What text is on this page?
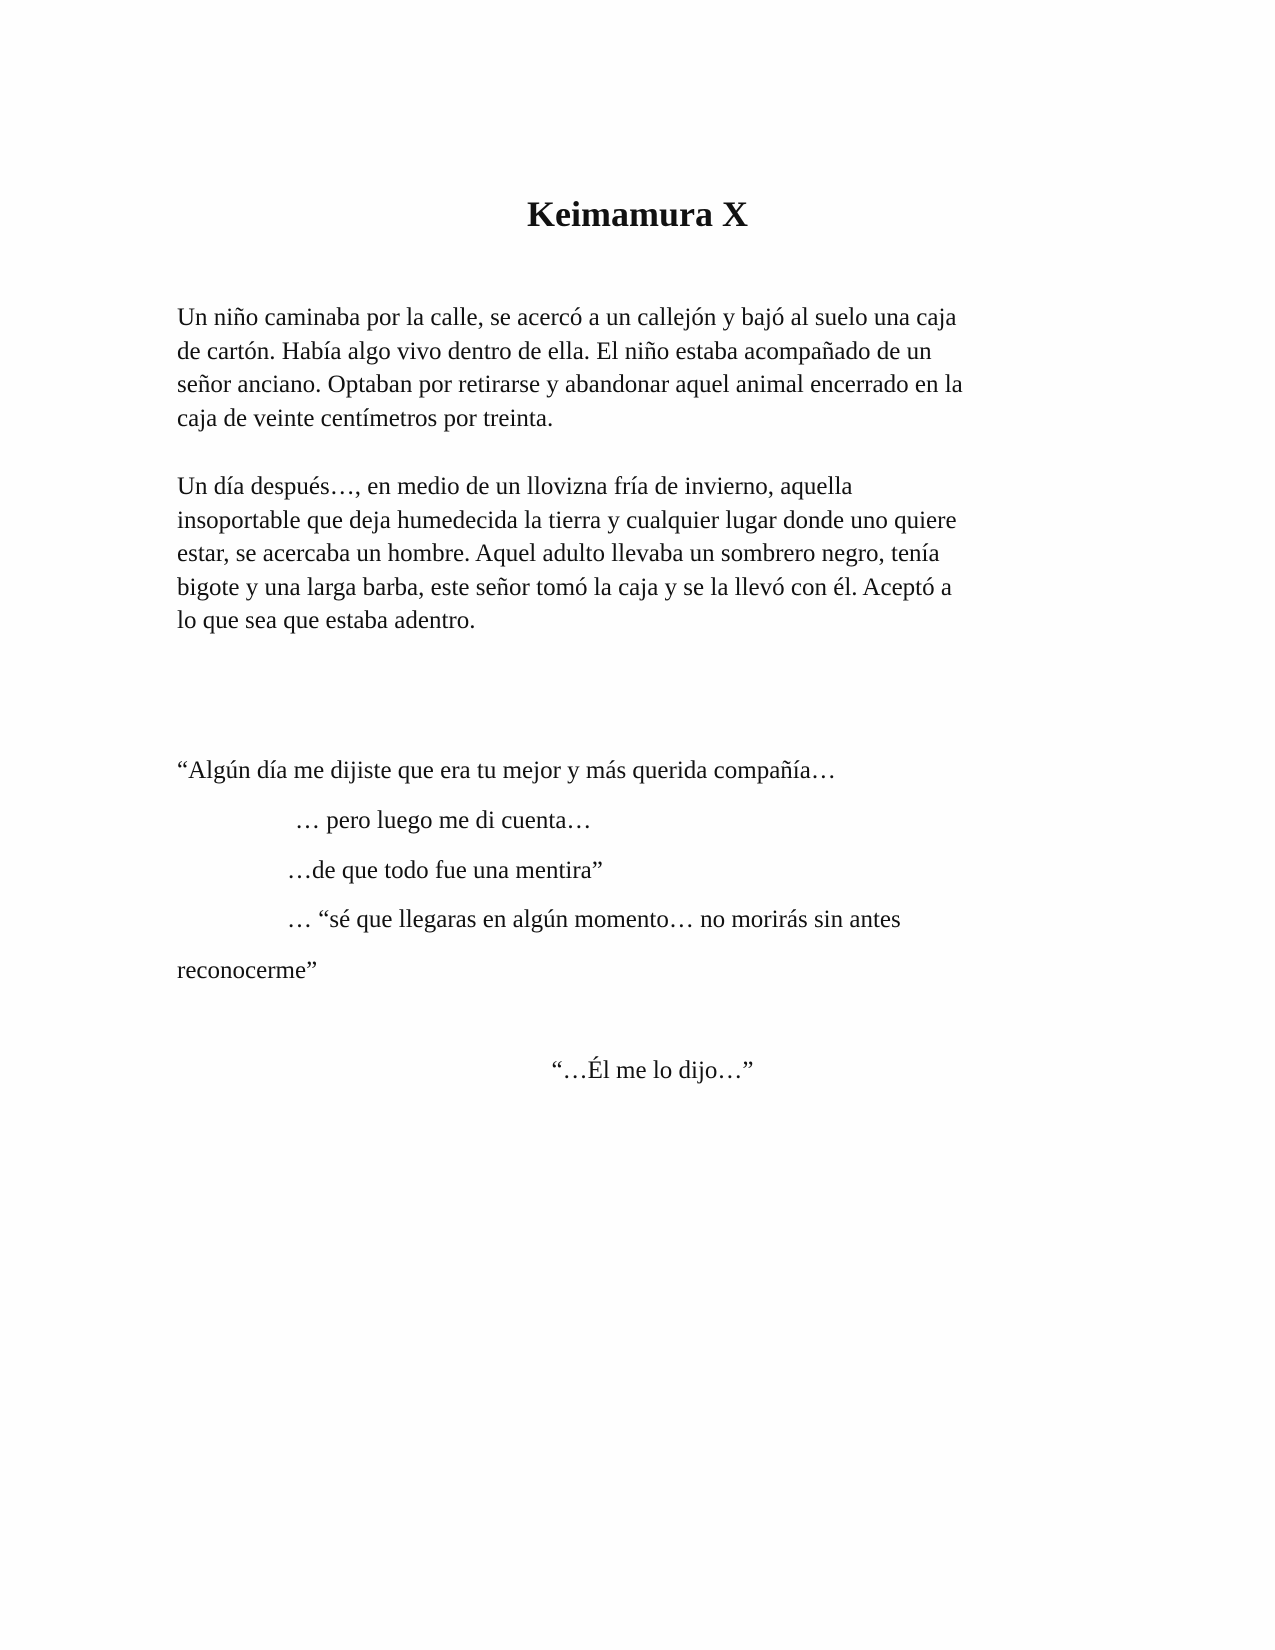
Keimamura X

Un niño caminaba por la calle, se acercó a un callejón y bajó al suelo una caja
de cartón. Había algo vivo dentro de ella. El niño estaba acompañado de un
señor anciano. Optaban por retirarse y abandonar aquel animal encerrado en la
caja de veinte centímetros por treinta.

Un día después…, en medio de un llovizna fría de invierno, aquella
insoportable que deja humedecida la tierra y cualquier lugar donde uno quiere
estar, se acercaba un hombre. Aquel adulto llevaba un sombrero negro, tenía
bigote y una larga barba, este señor tomó la caja y se la llevó con él. Aceptó a
lo que sea que estaba adentro.

“Algún día me dijiste que era tu mejor y más querida compañía…

… pero luego me di cuenta…

…de que todo fue una mentira”

… “sé que llegaras en algún momento… no morirás sin antes

reconocerme”

“…Él me lo dijo…”
